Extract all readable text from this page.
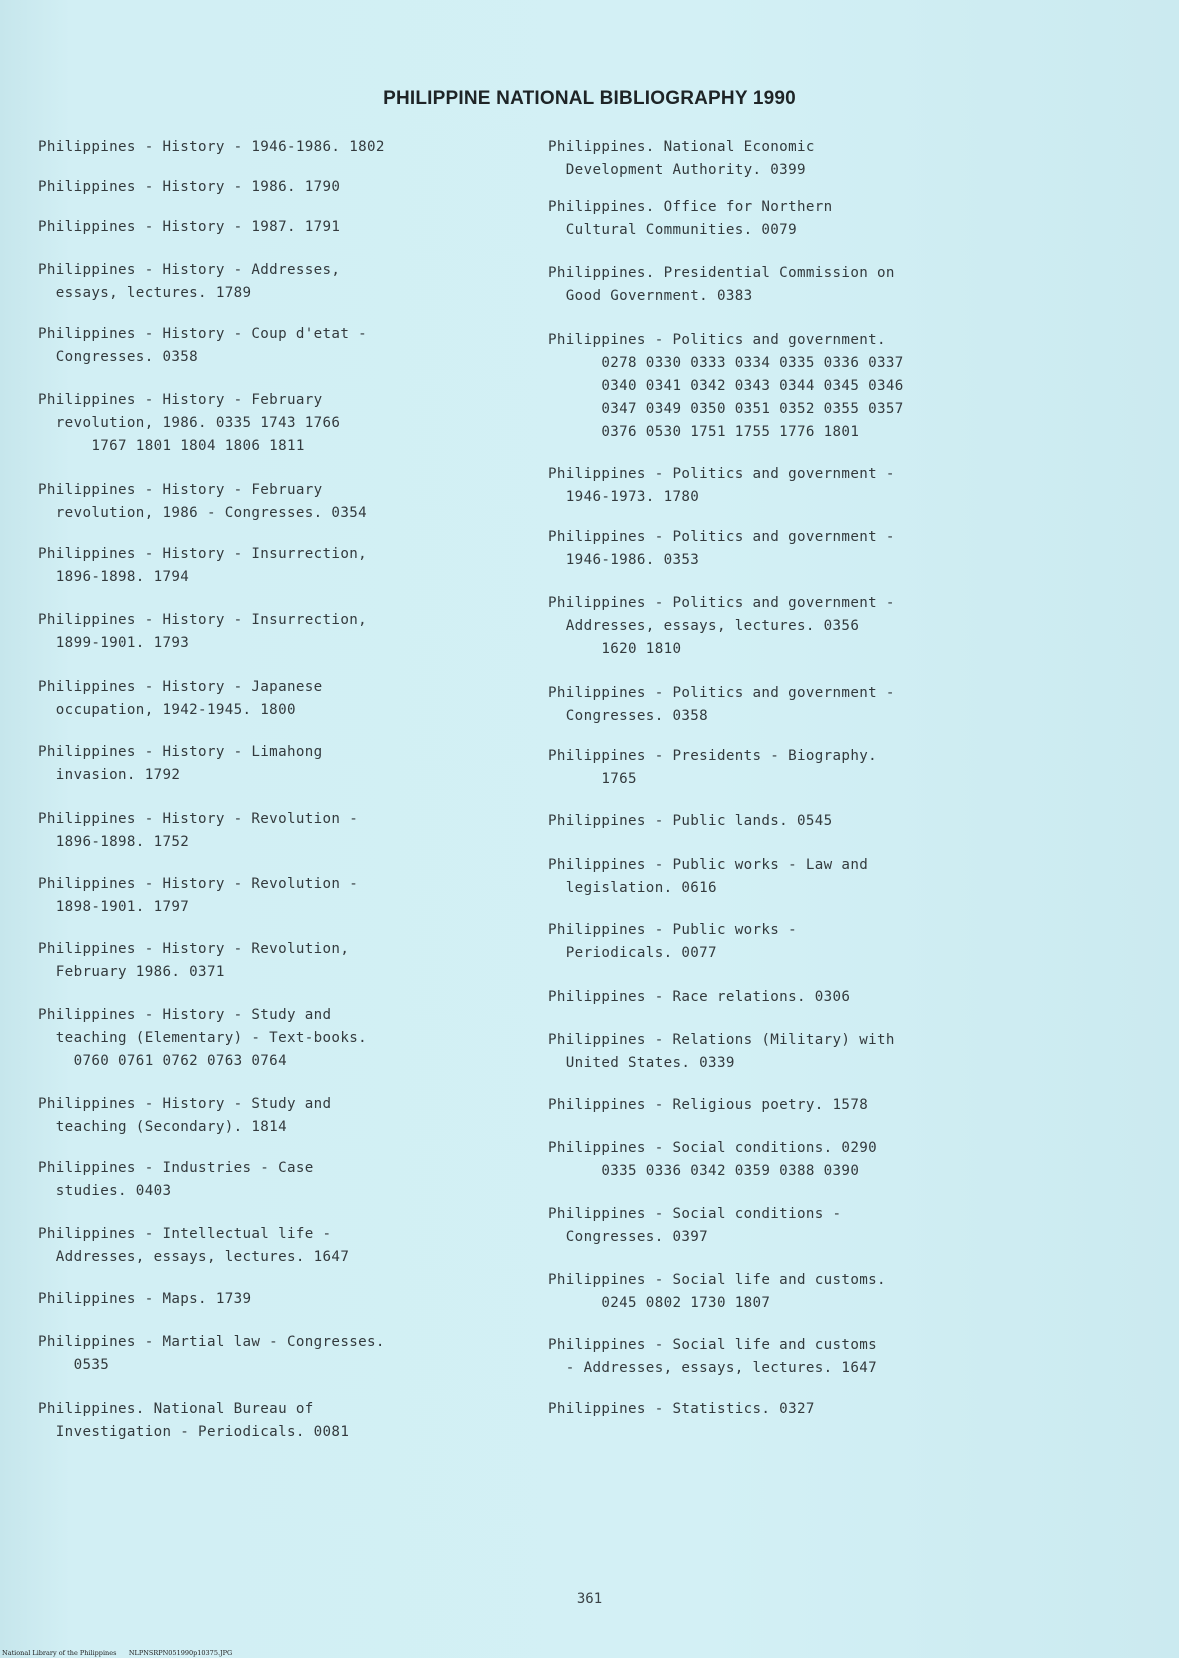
PHILIPPINE NATIONAL BIBLIOGRAPHY 1990
Philippines - History - 1946-1986. 1802
Philippines - History - 1986. 1790
Philippines - History - 1987. 1791
Philippines - History - Addresses,
essays, lectures. 1789
Philippines - History - Coup d'etat -
Congresses. 0358
Philippines - History - February
revolution, 1986. 0335 1743 1766
1767 1801 1804 1806 1811
Philippines - History - February
revolution, 1986 - Congresses. 0354
Philippines - History - Insurrection,
1896-1898. 1794
Philippines - History - Insurrection,
1899-1901. 1793
Philippines - History - Japanese
occupation, 1942-1945. 1800
Philippines - History - Limahong
invasion. 1792
Philippines - History - Revolution -
1896-1898. 1752
Philippines - History - Revolution -
1898-1901. 1797
Philippines - History - Revolution,
February 1986. 0371
Philippines - History - Study and
teaching (Elementary) - Text-books.
0760 0761 0762 0763 0764
Philippines - History - Study and
teaching (Secondary). 1814
Philippines - Industries - Case
studies. 0403
Philippines - Intellectual life -
Addresses, essays, lectures. 1647
Philippines - Maps. 1739
Philippines - Martial law - Congresses.
0535
Philippines. National Bureau of
Investigation - Periodicals. 0081
Philippines. National Economic
Development Authority. 0399
Philippines. Office for Northern
Cultural Communities. 0079
Philippines. Presidential Commission on
Good Government. 0383
Philippines - Politics and government.
0278 0330 0333 0334 0335 0336 0337
0340 0341 0342 0343 0344 0345 0346
0347 0349 0350 0351 0352 0355 0357
0376 0530 1751 1755 1776 1801
Philippines - Politics and government -
1946-1973. 1780
Philippines - Politics and government -
1946-1986. 0353
Philippines - Politics and government -
Addresses, essays, lectures. 0356
1620 1810
Philippines - Politics and government -
Congresses. 0358
Philippines - Presidents - Biography.
1765
Philippines - Public lands. 0545
Philippines - Public works - Law and
legislation. 0616
Philippines - Public works -
Periodicals. 0077
Philippines - Race relations. 0306
Philippines - Relations (Military) with
United States. 0339
Philippines - Religious poetry. 1578
Philippines - Social conditions. 0290
0335 0336 0342 0359 0388 0390
Philippines - Social conditions -
Congresses. 0397
Philippines - Social life and customs.
0245 0802 1730 1807
Philippines - Social life and customs
- Addresses, essays, lectures. 1647
Philippines - Statistics. 0327
361
National Library of the Philippines NLPNSRPN051990p10375.JPG
